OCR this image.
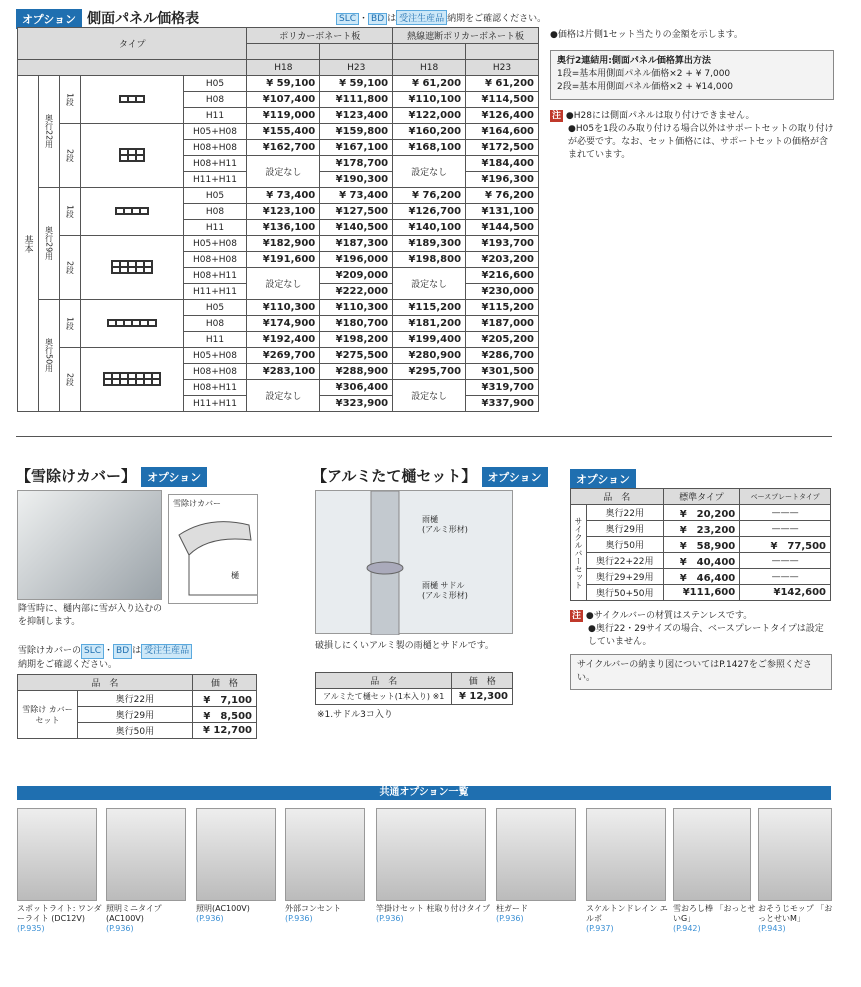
オプション 側面パネル価格表	SLC ・ BD は 受注生産品 納期をご確認ください。
タイプ					ポリカーボネート板		熱線遮断ポリカーボネート板	

					H18	H23	H18	H23
基本	奥行22用	1段		H05	¥ 59,100	¥ 59,100	¥ 61,200	¥ 61,200
				H08	¥107,400	¥111,800	¥110,100	¥114,500
				H11	¥119,000	¥123,400	¥122,000	¥126,400
		2段		H05+H08	¥155,400	¥159,800	¥160,200	¥164,600
				H08+H08	¥162,700	¥167,100	¥168,100	¥172,500
				H08+H11	設定なし	¥178,700	設定なし	¥184,400
				H11+H11		¥190,300		¥196,300
	奥行29用	1段		H05	¥ 73,400	¥ 73,400	¥ 76,200	¥ 76,200
				H08	¥123,100	¥127,500	¥126,700	¥131,100
				H11	¥136,100	¥140,500	¥140,100	¥144,500
		2段		H05+H08	¥182,900	¥187,300	¥189,300	¥193,700
				H08+H08	¥191,600	¥196,000	¥198,800	¥203,200
				H08+H11	設定なし	¥209,000	設定なし	¥216,600
				H11+H11		¥222,000		¥230,000
	奥行50用	1段		H05	¥110,300	¥110,300	¥115,200	¥115,200
				H08	¥174,900	¥180,700	¥181,200	¥187,000
				H11	¥192,400	¥198,200	¥199,400	¥205,200
		2段		H05+H08	¥269,700	¥275,500	¥280,900	¥286,700
				H08+H08	¥283,100	¥288,900	¥295,700	¥301,500
				H08+H11	設定なし	¥306,400	設定なし	¥319,700
				H11+H11		¥323,900		¥337,900
●価格は片側1セット当たりの金額を示します。
奥行2連結用:側面パネル価格算出方法
1段=基本用側面パネル価格×2 + ¥ 7,000
2段=基本用側面パネル価格×2 + ¥14,000
注 ●H28には側面パネルは取り付けできません。
●H05を1段のみ取り付ける場合以外はサポートセットの取り付けが必要です。なお、セット価格には、サポートセットの価格が含まれています。
【雪除けカバー】 オプション
雪除けカバー
樋
降雪時に、樋内部に雪が入り込むのを抑制します。
雪除けカバーの SLC ・ BD は 受注生産品
納期をご確認ください。
品　名		価　格
雪除け カバーセット	奥行22用	¥　7,100
	奥行29用	¥　8,500
	奥行50用	¥ 12,700
【アルミたて樋セット】 オプション
雨樋
(アルミ形材)
雨樋 サドル
(アルミ形材)
破損しにくいアルミ製の雨樋とサドルです。
品　名	価　格
アルミたて樋セット(1本入り) ※1	¥ 12,300
※1.サドル3コ入り
オプション
品　名		標準タイプ	ベースプレートタイプ
サイクルバーセット	奥行22用	¥　20,200	———
	奥行29用	¥　23,200	———
	奥行50用	¥　58,900	¥　77,500
	奥行22+22用	¥　40,400	———
	奥行29+29用	¥　46,400	———
	奥行50+50用	¥111,600	¥142,600
注 ●サイクルバーの材質はステンレスです。
●奥行22・29サイズの場合、ベースプレートタイプは設定していません。
サイクルバーの納まり図についてはP.1427をご参照ください。
共通オプション一覧
スポットライト: ワンダーライト (DC12V)
(P.935)
照明ミニタイプ (AC100V)
(P.936)
照明(AC100V)
(P.936)
外部コンセント
(P.936)
竿掛けセット 柱取り付けタイプ
(P.936)
柱ガード
(P.936)
スケルトンドレイン エルボ
(P.937)
雪おろし棒 「おっとせいG」
(P.942)
おそうじモップ 「おっとせいM」
(P.943)
